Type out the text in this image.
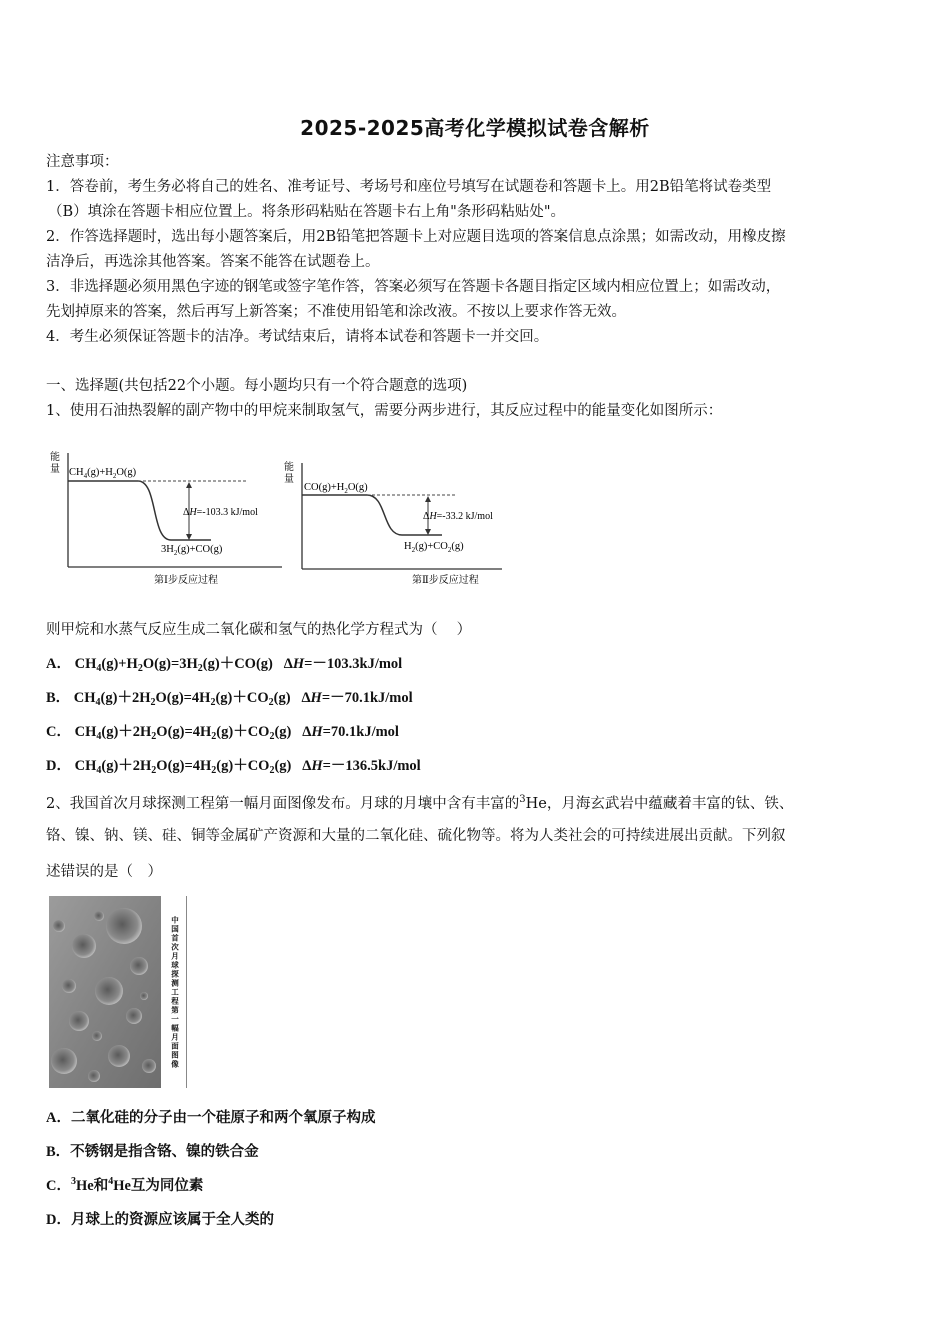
2025-2025高考化学模拟试卷含解析
注意事项：
1．答卷前，考生务必将自己的姓名、准考证号、考场号和座位号填写在试题卷和答题卡上。用2B铅笔将试卷类型
（B）填涂在答题卡相应位置上。将条形码粘贴在答题卡右上角"条形码粘贴处"。
2．作答选择题时，选出每小题答案后，用2B铅笔把答题卡上对应题目选项的答案信息点涂黑；如需改动，用橡皮擦
洁净后，再选涂其他答案。答案不能答在试题卷上。
3．非选择题必须用黑色字迹的钢笔或签字笔作答，答案必须写在答题卡各题目指定区域内相应位置上；如需改动，
先划掉原来的答案，然后再写上新答案；不准使用铅笔和涂改液。不按以上要求作答无效。
4．考生必须保证答题卡的洁净。考试结束后，请将本试卷和答题卡一并交回。
一、选择题(共包括22个小题。每小题均只有一个符合题意的选项)
1、使用石油热裂解的副产物中的甲烷来制取氢气，需要分两步进行，其反应过程中的能量变化如图所示：
能
量 $CH_4(g)+H_2O(g)$
ΔH=-103.3 kJ/mol
$3H_2(g)+CO(g)$
第Ⅰ步反应过程
能
量
$CO(g)+H_2O(g)$
ΔH=-33.2 kJ/mol
$H_2(g)+CO_2(g)$
第Ⅱ步反应过程
则甲烷和水蒸气反应生成二氧化碳和氢气的热化学方程式为（　 ）
A． $CH_4(g)+H_2O(g)=3H_2(g)+CO(g)$ ΔH=－103.3kJ/mol
B． $CH_4(g)+2H_2O(g)=4H_2(g)+CO_2(g)$ ΔH=－70.1kJ/mol
C． $CH_4(g)+2H_2O(g)=4H_2(g)+CO_2(g)$ ΔH=70.1kJ/mol
D． $CH_4(g)+2H_2O(g)=4H_2(g)+CO_2(g)$ ΔH=－136.5kJ/mol
2、我国首次月球探测工程第一幅月面图像发布。月球的月壤中含有丰富的$^3$He，月海玄武岩中蕴藏着丰富的钛、铁、
铬、镍、钠、镁、硅、铜等金属矿产资源和大量的二氧化硅、硫化物等。将为人类社会的可持续进展出贡献。下列叙
述错误的是（　）
中国首次月球探测工程第一幅月面图像
A．二氧化硅的分子由一个硅原子和两个氧原子构成
B．不锈钢是指含铬、镍的铁合金
C．$^3$He和$^4$He互为同位素
D．月球上的资源应该属于全人类的
